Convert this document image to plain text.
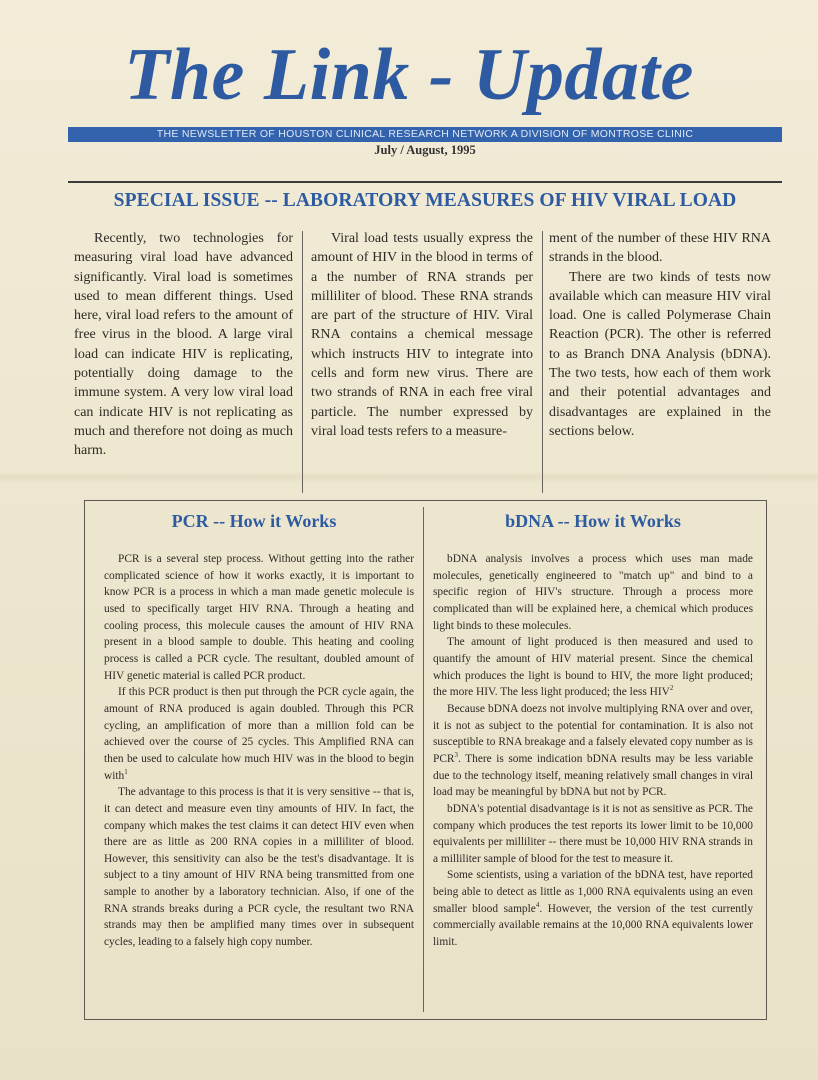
The Link - Update
THE NEWSLETTER OF HOUSTON CLINICAL RESEARCH NETWORK A DIVISION OF MONTROSE CLINIC
July / August, 1995
SPECIAL ISSUE -- LABORATORY MEASURES OF HIV VIRAL LOAD

Recently, two technologies for measuring viral load have advanced significantly. Viral load is sometimes used to mean different things. Used here, viral load refers to the amount of free virus in the blood. A large viral load can indicate HIV is replicating, potentially doing damage to the immune system. A very low viral load can indicate HIV is not replicating as much and therefore not doing as much harm.

Viral load tests usually express the amount of HIV in the blood in terms of a the number of RNA strands per milliliter of blood. These RNA strands are part of the structure of HIV. Viral RNA contains a chemical message which instructs HIV to integrate into cells and form new virus. There are two strands of RNA in each free viral particle. The number expressed by viral load tests refers to a measure-

ment of the number of these HIV RNA strands in the blood.

There are two kinds of tests now available which can measure HIV viral load. One is called Polymerase Chain Reaction (PCR). The other is referred to as Branch DNA Analysis (bDNA). The two tests, how each of them work and their potential advantages and disadvantages are explained in the sections below.

PCR -- How it Works	bDNA -- How it Works

PCR is a several step process. Without getting into the rather complicated science of how it works exactly, it is important to know PCR is a process in which a man made genetic molecule is used to specifically target HIV RNA. Through a heating and cooling process, this molecule causes the amount of HIV RNA present in a blood sample to double. This heating and cooling process is called a PCR cycle. The resultant, doubled amount of HIV genetic material is called PCR product.

If this PCR product is then put through the PCR cycle again, the amount of RNA produced is again doubled. Through this PCR cycling, an amplification of more than a million fold can be achieved over the course of 25 cycles. This Amplified RNA can then be used to calculate how much HIV was in the blood to begin with$^1$

The advantage to this process is that it is very sensitive -- that is, it can detect and measure even tiny amounts of HIV. In fact, the company which makes the test claims it can detect HIV even when there are as little as 200 RNA copies in a milliliter of blood. However, this sensitivity can also be the test's disadvantage. It is subject to a tiny amount of HIV RNA being transmitted from one sample to another by a laboratory technician. Also, if one of the RNA strands breaks during a PCR cycle, the resultant two RNA strands may then be amplified many times over in subsequent cycles, leading to a falsely high copy number.

bDNA analysis involves a process which uses man made molecules, genetically engineered to "match up" and bind to a specific region of HIV's structure. Through a process more complicated than will be explained here, a chemical which produces light binds to these molecules.

The amount of light produced is then measured and used to quantify the amount of HIV material present. Since the chemical which produces the light is bound to HIV, the more light produced; the more HIV. The less light produced; the less HIV$^2$

Because bDNA doezs not involve multiplying RNA over and over, it is not as subject to the potential for contamination. It is also not susceptible to RNA breakage and a falsely elevated copy number as is PCR$^3$. There is some indication bDNA results may be less variable due to the technology itself, meaning relatively small changes in viral load may be meaningful by bDNA but not by PCR.

bDNA's potential disadvantage is it is not as sensitive as PCR. The company which produces the test reports its lower limit to be 10,000 equivalents per milliliter -- there must be 10,000 HIV RNA strands in a milliliter sample of blood for the test to measure it.

Some scientists, using a variation of the bDNA test, have reported being able to detect as little as 1,000 RNA equivalents using an even smaller blood sample$^4$. However, the version of the test currently commercially available remains at the 10,000 RNA equivalents lower limit.
